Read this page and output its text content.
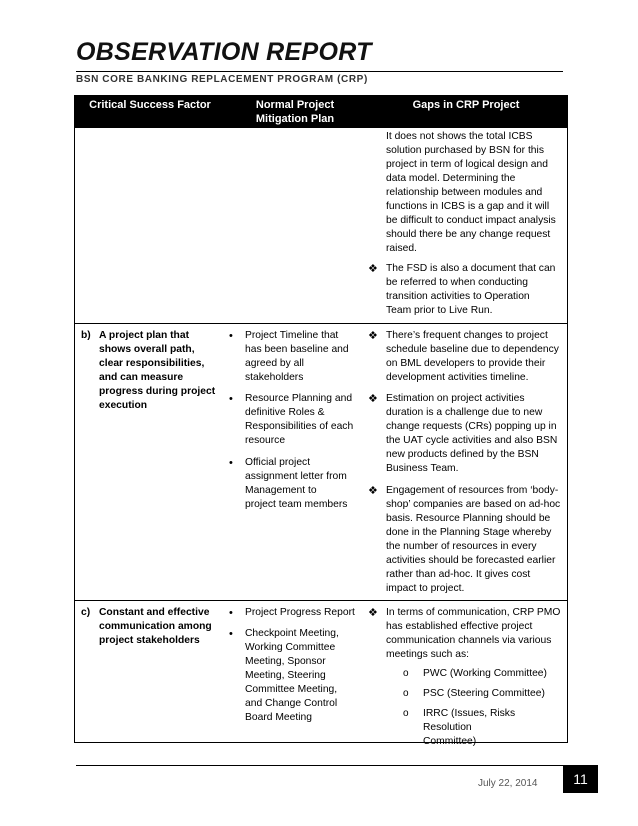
OBSERVATION REPORT
BSN CORE BANKING REPLACEMENT PROGRAM (CRP)
Critical Success Factor	Normal Project
Mitigation Plan
Gaps in CRP Project
It does not shows the total ICBS
solution purchased by BSN for this
project in term of logical design and
data model. Determining the
relationship between modules and
functions in ICBS is a gap and it will
be difficult to conduct impact analysis
should there be any change request
raised.
❖ The FSD is also a document that can
be referred to when conducting
transition activities to Operation
Team prior to Live Run.
b) A project plan that
shows overall path,
clear responsibilities,
and can measure
progress during project
execution
• Project Timeline that
has been baseline and
agreed by all
stakeholders
• Resource Planning and
definitive Roles &
Responsibilities of each
resource
• Official project
assignment letter from
Management to
project team members
❖ There’s frequent changes to project
schedule baseline due to dependency
on BML developers to provide their
development activities timeline.
❖ Estimation on project activities
duration is a challenge due to new
change requests (CRs) popping up in
the UAT cycle activities and also BSN
new products defined by the BSN
Business Team.
❖ Engagement of resources from ‘body-
shop’ companies are based on ad-hoc
basis. Resource Planning should be
done in the Planning Stage whereby
the number of resources in every
activities should be forecasted earlier
rather than ad-hoc. It gives cost
impact to project.
c) Constant and effective
communication among
project stakeholders
• Project Progress Report
• Checkpoint Meeting,
Working Committee
Meeting, Sponsor
Meeting, Steering
Committee Meeting,
and Change Control
Board Meeting
❖ In terms of communication, CRP PMO
has established effective project
communication channels via various
meetings such as:
o PWC (Working Committee)
o PSC (Steering Committee)
o IRRC (Issues, Risks Resolution
Committee)
July 22, 2014	11
